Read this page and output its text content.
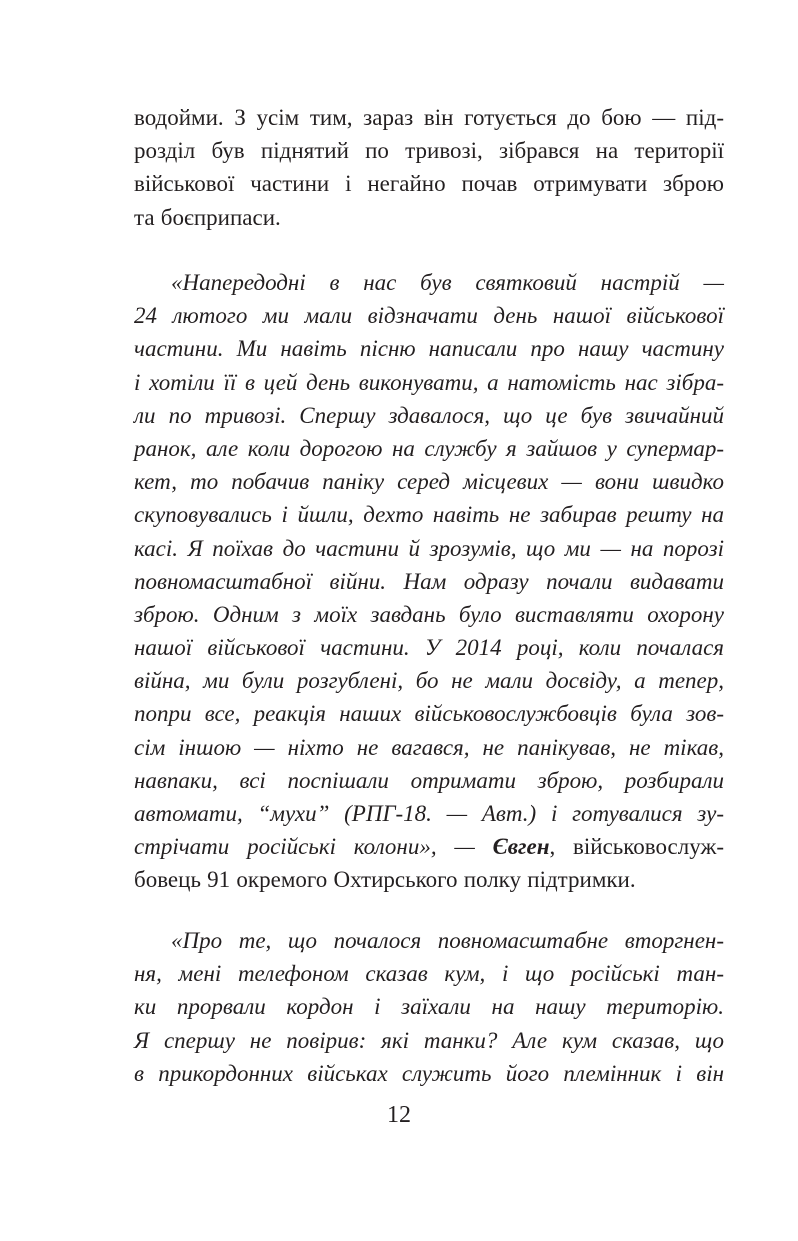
водойми. З усім тим, зараз він готується до бою — під-
розділ був піднятий по тривозі, зібрався на території
військової частини і негайно почав отримувати зброю
та боєприпаси.
«Напередодні в нас був святковий настрій —
24 лютого ми мали відзначати день нашої військової
частини. Ми навіть пісню написали про нашу частину
і хотіли її в цей день виконувати, а натомість нас зібра-
ли по тривозі. Спершу здавалося, що це був звичайний
ранок, але коли дорогою на службу я зайшов у супермар-
кет, то побачив паніку серед місцевих — вони швидко
скуповувались і йшли, дехто навіть не забирав решту на
касі. Я поїхав до частини й зрозумів, що ми — на порозі
повномасштабної війни. Нам одразу почали видавати
зброю. Одним з моїх завдань було виставляти охорону
нашої військової частини. У 2014 році, коли почалася
війна, ми були розгублені, бо не мали досвіду, а тепер,
попри все, реакція наших військовослужбовців була зов-
сім іншою — ніхто не вагався, не панікував, не тікав,
навпаки, всі поспішали отримати зброю, розбирали
автомати, “мухи” (РПГ-18. — Авт.) і готувалися зу-
стрічати російські колони», — Євген, військовослуж-
бовець 91 окремого Охтирського полку підтримки.
«Про те, що почалося повномасштабне вторгнен-
ня, мені телефоном сказав кум, і що російські тан-
ки прорвали кордон і заїхали на нашу територію.
Я спершу не повірив: які танки? Але кум сказав, що
в прикордонних військах служить його племінник і він
12
